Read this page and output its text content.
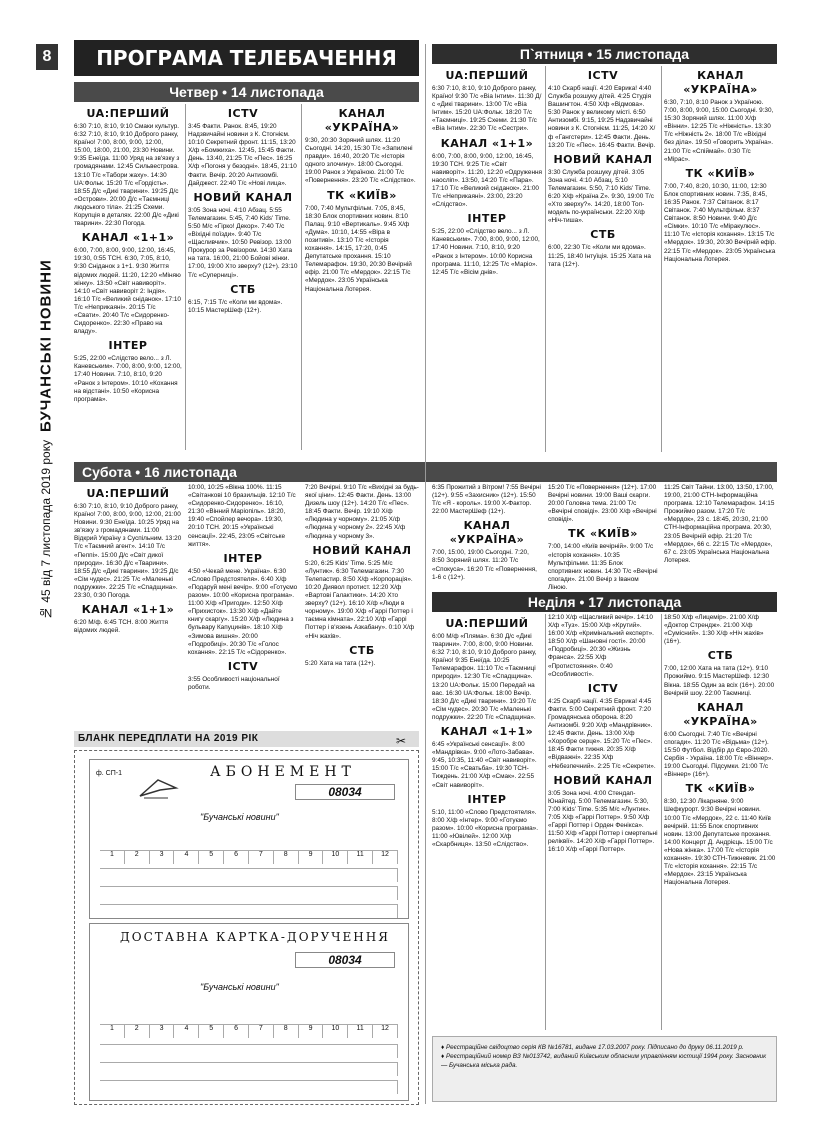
8
№ 45 від 7 листопада 2019 року
БУЧАНСЬКІ НОВИНИ
ПРОГРАМА ТЕЛЕБАЧЕННЯ
Четвер • 14 листопада
UA:ПЕРШИЙ

6:30 7:10, 8:10, 9:10 Смаки культур. 6:32 7:10, 8:10, 9:10 Доброго ранку, Країно! 7:00, 8:00, 9:00, 12:00, 15:00, 18:00, 21:00, 23:30 Новини. 9:35 Енеїда. 11:00 Уряд на зв'язку з громадянами. 12:45 Сильвестрова. 13:10 Т/с «Табори жаху». 14:30 UA:Фольк. 15:20 Т/с «Гордість». 18:55 Д/с «Дикі тварини». 19:25 Д/с «Острови». 20:00 Д/с «Таємниці людського тіла». 21:25 Схеми. Корупція в деталях. 22:00 Д/с «Дикі тварини». 22:30 Погода.

КАНАЛ «1+1»

6:00, 7:00, 8:00, 9:00, 12:00, 16:45, 19:30, 0:55 ТСН. 6:30, 7:05, 8:10, 9:30 Сніданок з 1+1. 9:30 Життя відомих людей. 11:20, 12:20 «Міняю жінку». 13:50 «Світ навиворіт». 14:10 «Світ навиворіт 2: Індія». 16:10 Т/с «Великий сніданок». 17:10 Т/с «Неприкаяні». 20:15 Т/с «Свати». 20:40 Т/с «Сидоренко-Сидоренко». 22:30 «Право на владу».

ІНТЕР

5:25, 22:00 «Слідство вело... з Л. Каневським». 7:00, 8:00, 9:00, 12:00, 17:40 Новини. 7:10, 8:10, 9:20 «Ранок з Інтером». 10:10 «Кохання на відстані». 10:50 «Корисна програма».

ICTV

3:45 Факти. Ранок. 8:45, 19:20 Надзвичайні новини з К. Стогнієм. 10:10 Секретний фронт. 11:15, 13:20 Х/ф «Бомжиха». 12:45, 15:45 Факти. День. 13:40, 21:25 Т/с «Пес». 16:25 Х/ф «Погоня у безодні». 18:45, 21:10 Факти. Вечір. 20:20 Антизомбі. Дайджест. 22:40 Т/с «Нові лица».

НОВИЙ КАНАЛ

3:05 Зона ночі. 4:10 Абзац. 5:55 Телемагазин. 5:45, 7:40 Kids' Time. 5:50 М/с «Гірко! Декор». 7:40 Т/с «Віхідні поїзди». 9:40 Т/с «Щасливчик». 10:50 Ревізор. 13:00 Прокурор за Ревізором. 14:30 Хата на тата. 16:00, 21:00 Бойові жінки. 17:00, 19:00 Хто зверху? (12+). 23:10 Т/с «Суперниці».

СТБ

6:15, 7:15 Т/с «Коли ми вдома». 10:15 МастерШеф (12+).

КАНАЛ «УКРАЇНА»

9:30, 20:30 Зоряний шлях. 11:20 Сьогодні. 14:20, 15:30 Т/с «Запилені правди». 16:40, 20:20 Т/с «Історія одного злочину». 18:00 Сьогодні. 19:00 Ранок з Україною. 21:00 Т/с «Повернення». 23:20 Т/с «Слідство».

ТК «КИЇВ»

7:00, 7:40 Мультфільм. 7:05, 8:45, 18:30 Блок спортивних новин. 8:10 Палац. 9:10 «Вертикаль». 9:45 Х/ф «Дума». 10:10, 14:55 «Віра в позитиві». 13:10 Т/с «Історія кохання». 14:15, 17:20, 0:45 Депутатське прохання. 15:10 Телемарафон. 19:30, 20:30 Вечірній ефір. 21:00 Т/с «Мердок». 22:15 Т/с «Мердок». 23:05 Українська Національна Лотерея.

П`ятниця • 15 листопада
UA:ПЕРШИЙ

6:30 7:10, 8:10, 9:10 Доброго ранку, Країно! 9:30 Т/с «Віа Інтим». 11:30 Д/с «Дикі тварини». 13:00 Т/с «Віа Інтим». 15:20 UA:Фольк. 18:20 Т/с «Таємниці». 19:25 Схеми. 21:30 Т/с «Віа Інтим». 22:30 Т/с «Сестри».

КАНАЛ «1+1»

6:00, 7:00, 8:00, 9:00, 12:00, 16:45, 19:30 ТСН. 9:25 Т/с «Світ навиворіт». 11:20, 12:20 «Одруження наосліп». 13:50, 14:20 Т/с «Пара». 17:10 Т/с «Великий сніданок». 21:00 Т/с «Неприкаяні». 23:00, 23:20 «Слідство».

ІНТЕР

5:25, 22:00 «Слідство вело... з Л. Каневським». 7:00, 8:00, 9:00, 12:00, 17:40 Новини. 7:10, 8:10, 9:20 «Ранок з Інтером». 10:00 Корисна програма. 11:10, 12:25 Т/с «Маріо». 12:45 Т/с «Вісім днів».

ICTV

4:10 Скарб нації. 4:20 Еврика! 4:40 Служба розшуку дітей. 4:25 Студія Вашингтон. 4:50 Х/ф «Відмова». 5:30 Ранок у великому місті. 6:50 Антизомбі. 9:15, 19:25 Надзвичайні новини з К. Стогнієм. 11:25, 14:20 Х/ф «Гангстери». 12:45 Факти. День. 13:20 Т/с «Пес». 16:45 Факти. Вечір.

НОВИЙ КАНАЛ

3:30 Служба розшуку дітей. 3:05 Зона ночі. 4:10 Абзац. 5:10 Телемагазин. 5:50, 7:10 Kids' Time. 6:20 Х/ф «Країна Z». 9:30, 19:00 Т/с «Хто зверху?». 14:20, 18:00 Топ-модель по-українськи. 22:20 Х/ф «Ніч-тиша».

СТБ

6:00, 22:30 Т/с «Коли ми вдома». 11:25, 18:40 Інтуїція. 15:25 Хата на тата (12+).

КАНАЛ «УКРАЇНА»

6:30, 7:10, 8:10 Ранок з Україною. 7:00, 8:00, 9:00, 15:00 Сьогодні. 9:30, 15:30 Зоряний шлях. 11:00 Х/ф «Вінни». 12:25 Т/с «Ніжність». 13:30 Т/с «Ніжність 2». 18:00 Т/с «Віхідні без діла». 19:50 «Говорить Україна». 21:00 Т/с «Спіймай». 0:30 Т/с «Мірас».

ТК «КИЇВ»

7:00, 7:40, 8:20, 10:30, 11:00, 12:30 Блок спортивних новин. 7:35, 8:45, 16:35 Ранок. 7:37 Світанок. 8:17 Світанок. 7:40 Мультфільм. 8:37 Світанок. 8:50 Новини. 9:40 Д/с «Сімки». 10:10 Т/с «Міракулюс». 11:10 Т/с «Історія кохання». 13:15 Т/с «Мердок». 19:30, 20:30 Вечірній ефір. 22:15 Т/с «Мердок». 23:05 Українська Національна Лотерея.

Субота • 16 листопада
UA:ПЕРШИЙ

6:30 7:10, 8:10, 9:10 Доброго ранку, Країно! 7:00, 8:00, 9:00, 12:00, 21:00 Новини. 9:30 Енеїда. 10:25 Уряд на зв'язку з громадянами. 11:00 Відкрий Україну з Суспільним. 13:20 Т/с «Таємний агент». 14:10 Т/с «Пеппі». 15:00 Д/с «Світ дикої природи». 16:30 Д/с «Тварини». 18:55 Д/с «Дикі тварини». 19:25 Д/с «Сім чудес». 21:25 Т/с «Маленькі подружки». 22:25 Т/с «Спадщина». 23:30, 0:30 Погода.

КАНАЛ «1+1»

6:20 М/ф. 6:45 ТСН. 8:00 Життя відомих людей.

10:00, 10:25 «Вікна 100%. 11:15 «Світанкові 10 бразильців. 12:10 Т/с «Сидоренко-Сидоренко». 16:10, 21:30 «Вінний Маріопіль». 18:20, 19:40 «Спойлер вечора». 19:30, 20:10 ТСН. 20:15 «Українські сенсації». 22:45, 23:05 «Світське життя».

ІНТЕР

4:50 «Чекай мене. Україна». 6:30 «Слово Предстоятеля». 6:40 Х/ф «Подаруй мені вечір». 9:00 «Готуємо разом». 10:00 «Корисна програма». 11:00 Х/ф «Пригоди». 12:50 Х/ф «Прихисток». 13:30 Х/ф «Дайте книгу скаргу». 15:20 Х/ф «Людина з бульвару Капуцинів». 18:10 Х/ф «Зимова вишня». 20:00 «Подробиці». 20:30 Т/с «Голос кохання». 22:15 Т/с «Сідоренко».

ICTV

3:55 Особливості національної роботи.

7:20 Вечірні. 9:10 Т/с «Вихідні за будь-якої ціни». 12:45 Факти. День. 13:00 Дизель шоу (12+). 14:20 Т/с «Пес». 18:45 Факти. Вечір. 19:10 Х/ф «Людина у чорному». 21:05 Х/ф «Людина у чорному 2». 22:45 Х/ф «Людина у чорному 3».

НОВИЙ КАНАЛ

5:20, 6:25 Kids' Time. 5:25 М/с «Лунтик». 6:30 Телемагазин. 7:30 Телепастир. 8:50 Х/ф «Корпорація». 10:20 Диявол протист. 12:20 Х/ф «Вартові Галактики». 14:20 Хто зверху? (12+). 16:10 Х/ф «Люди в чорному». 19:00 Х/ф «Гаррі Поттер і таємна кімната». 22:10 Х/ф «Гаррі Поттер і в'язень Азкабану». 0:10 Х/ф «Ніч жахів».

СТБ

5:20 Хата на тата (12+).

6:35 Прожитий з Вітром! 7:55 Вечірні (12+). 9:55 «Захисник» (12+). 15:50 Т/с «Я - король». 19:00 Х-Фактор. 22:00 МастерШеф (12+).

КАНАЛ «УКРАЇНА»

7:00, 15:00, 19:00 Сьогодні. 7:20, 8:50 Зоряний шлях. 11:20 Т/с «Спокуса». 16:20 Т/с «Повернення, 1-6 с (12+).

15:20 Т/с «Повернення» (12+). 17:00 Вечірні новини. 19:00 Ваші скарги. 20:00 Головна тема. 21:00 Т/с «Вечірні сповіді». 23:00 Х/ф «Вечірні сповіді».

ТК «КИЇВ»

7:00, 14:00 «Київ вечірній». 9:00 Т/с «Історія кохання». 10:35 Мультфільми. 11:35 Блок спортивних новин. 14:30 Т/с «Вечірні спогади». 21:00 Вечір з Іваном Ліною.

11:25 Світ Тайни. 13:00, 13:50, 17:00, 19:00, 21:00 СТН-Інформаційна програма. 12:10 Телемарафон. 14:15 Прожиймо разом. 17:20 Т/с «Мердок», 23 с. 18:45, 20:30, 21:00 СТН-Інформаційна програма. 20:30, 23:05 Вечірній ефір. 21:20 Т/с «Мердок», 66 с. 22:15 Т/с «Мердок», 67 с. 23:05 Українська Національна Лотерея.

Неділя • 17 листопада
UA:ПЕРШИЙ

6:00 М/ф «Пляма». 6:30 Д/с «Дикі тварини». 7:00, 8:00, 9:00 Новини. 6:32 7:10, 8:10, 9:10 Доброго ранку, Країно! 9:35 Енеїда. 10:25 Телемарафон. 11:10 Т/с «Таємниці природи». 12:30 Т/с «Спадщина». 13:20 UA:Фольк. 15:00 Передай на вас. 16:30 UA:Фольк. 18:00 Вечір. 18:30 Д/с «Дикі тварини». 19:20 Т/с «Сім чудес». 20:30 Т/с «Маленькі подружки». 22:20 Т/с «Спадщина».

КАНАЛ «1+1»

6:45 «Українські сенсації». 8:00 «Мандрівка». 9:00 «Лото-Забава». 9:45, 10:35, 11:40 «Світ навиворіт». 15:00 Т/с «Сватьба». 19:30 ТСН-Тиждень. 21:00 Х/ф «Смак». 22:55 «Світ навиворіт».

ІНТЕР

5:10, 11:00 «Слово Предстоятеля». 8:00 Х/ф «Інтер». 9:00 «Готуємо разом». 10:00 «Корисна програма». 11:00 «Ювілей». 12:00 Х/ф «Скарбниця». 13:50 «Слідство».

12:10 Х/ф «Щасливий вечір». 14:10 Х/ф «Туз». 15:00 Х/ф «Крутий». 16:00 Х/ф «Кримінальний експерт». 18:50 Х/ф «Шановні гості». 20:00 «Подробиці». 20:30 «Жизнь Франса». 22:55 Х/ф «Протистояння». 0:40 «Особливості».

ICTV

4:25 Скарб нації. 4:35 Еврика! 4:45 Факти. 5:00 Секретний фронт. 7:20 Громадянська оборона. 8:20 Антизомбі. 9:20 Х/ф «Мандрівник». 12:45 Факти. День. 13:00 Х/ф «Хоробре серце». 15:20 Т/с «Пес». 18:45 Факти тижня. 20:35 Х/ф «Відважні». 22:35 Х/ф «Небезпечний». 2:25 Т/с «Секрети».

НОВИЙ КАНАЛ

3:05 Зона ночі. 4:00 Стендап-Юнайтед. 5:00 Телемагазин. 5:30, 7:00 Kids' Time. 5:35 М/с «Лунтик». 7:05 Х/ф «Гаррі Поттер». 9:50 Х/ф «Гаррі Поттер і Орден Фенікса». 11:50 Х/ф «Гаррі Поттер і смертельні реліквії». 14:20 Х/ф «Гаррі Поттер». 16:10 Х/ф «Гаррі Поттер».

18:50 Х/ф «Лицемір». 21:00 Х/ф «Доктор Стрендж». 21:00 Х/ф «Сумісний». 1:30 Х/ф «Ніч жахів» (16+).

СТБ

7:00, 12:00 Хата на тата (12+). 9:10 Прожиймо. 9:15 МастерШеф. 12:30 Вікна. 18:55 Один за всіх (16+). 20:00 Вечірній шоу. 22:00 Таємниці.

КАНАЛ «УКРАЇНА»

6:00 Сьогодні. 7:40 Т/с «Вечірні спогади». 11:20 Т/с «Відьма» (12+). 15:50 Футбол. Відбір до Євро-2020. Сербія - Україна. 18:00 Т/с «Віннер». 19:00 Сьогодні. Підсумки. 21:00 Т/с «Віннер» (16+).

ТК «КИЇВ»

8:30, 12:30 Лікарняне. 9:00 Шефкурорт. 9:30 Вечірні новини. 10:00 Т/с «Мердок», 22 с. 11:40 Київ вечірній. 11:55 Блок спортивних новин. 13:00 Депутатське прохання. 14:00 Концерт Д. Андрієць. 15:00 Т/с «Нова жінка». 17:00 Т/с «Історія кохання». 19:30 СТН-Тижневик. 21:00 Т/с «Історія кохання». 22:15 Т/с «Мердок». 23:15 Українська Національна Лотерея.

БЛАНК ПЕРЕДПЛАТИ НА 2019 РІК	✂
ф. СП-1	АБОНЕМЕНТ
08034
"Бучанські новини"
1	2	3	4	5	6	7	8	9	10	11	12
ДОСТАВНА КАРТКА-ДОРУЧЕННЯ
08034
"Бучанські новини"
1	2	3	4	5	6	7	8	9	10	11	12

♦ Реєстраційне свідоцтво серія КВ №16781, видане 17.03.2007 року. Підписано до друку 06.11.2019 р.

♦ Реєстраційний номер ВЗ №013742, виданий Київським обласним управлінням юстиції 1994 року. Засновник — Бучанська міська рада.
